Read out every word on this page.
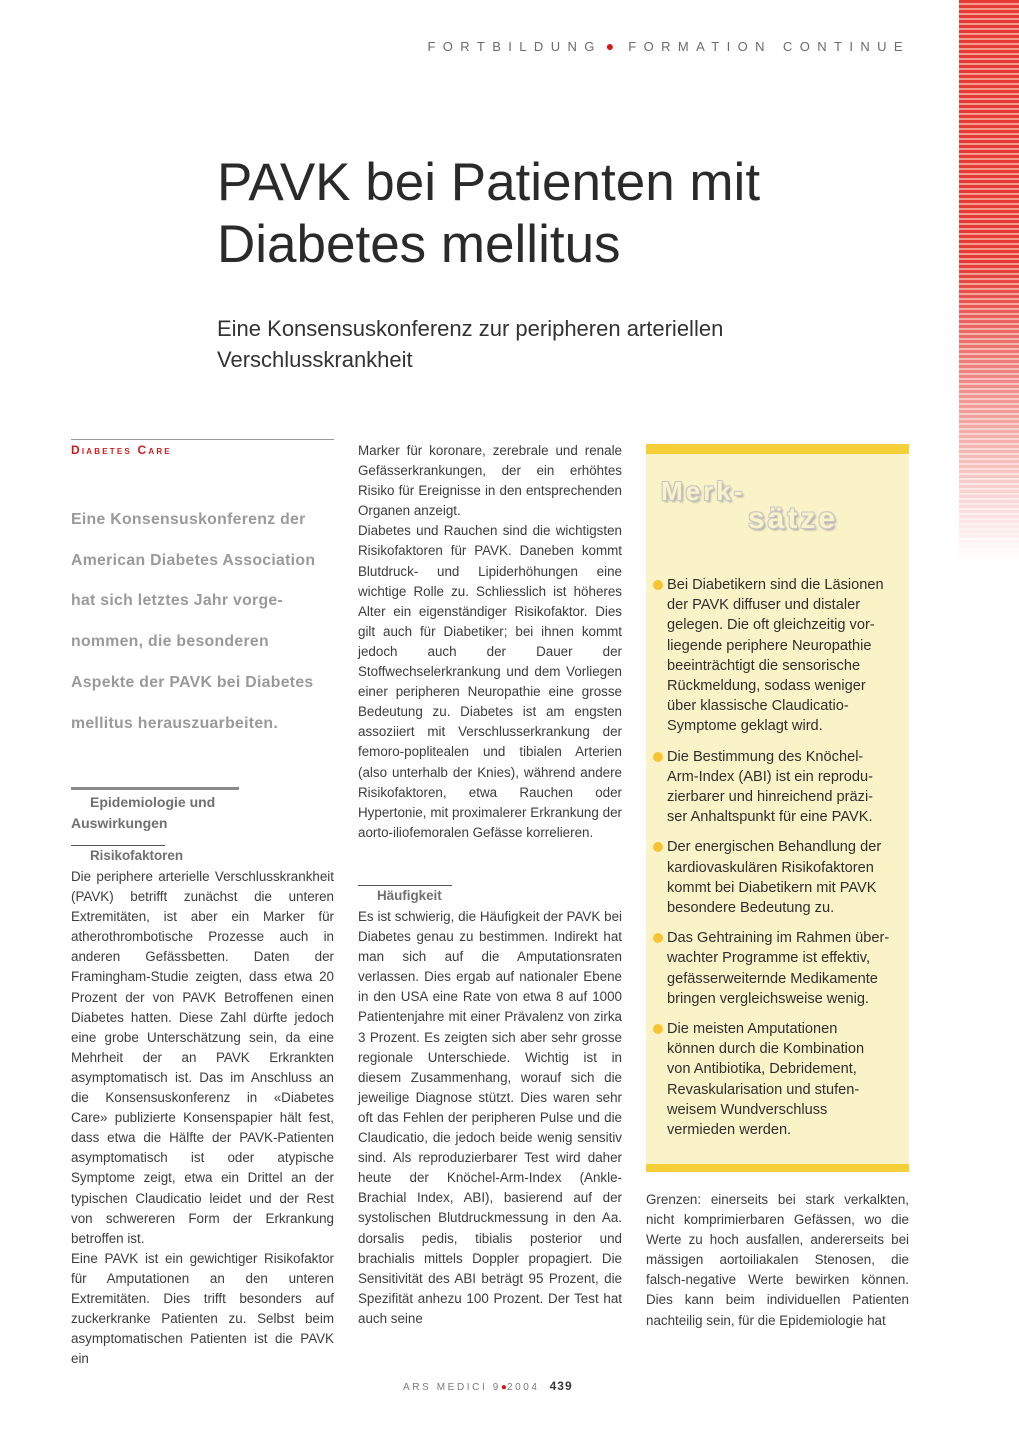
FORTBILDUNG ● FORMATION CONTINUE
PAVK bei Patienten mit
Diabetes mellitus
Eine Konsensuskonferenz zur peripheren arteriellen
Verschlusskrankheit
Diabetes Care
Eine Konsensuskonferenz der
American Diabetes Association
hat sich letztes Jahr vorge-
nommen, die besonderen
Aspekte der PAVK bei Diabetes
mellitus herauszuarbeiten.
Epidemiologie und
Auswirkungen
Risikofaktoren

Die periphere arterielle Verschlusskrankheit (PAVK) betrifft zunächst die unteren Extremitäten, ist aber ein Marker für atherothrombotische Prozesse auch in anderen Gefässbetten. Daten der Framingham-Studie zeigten, dass etwa 20 Prozent der von PAVK Betroffenen einen Diabetes hatten. Diese Zahl dürfte jedoch eine grobe Unterschätzung sein, da eine Mehrheit der an PAVK Erkrankten asymptomatisch ist. Das im Anschluss an die Konsensuskonferenz in «Diabetes Care» publizierte Konsenspapier hält fest, dass etwa die Hälfte der PAVK-Patienten asymptomatisch ist oder atypische Symptome zeigt, etwa ein Drittel an der typischen Claudicatio leidet und der Rest von schwereren Form der Erkrankung betroffen ist.

Eine PAVK ist ein gewichtiger Risikofaktor für Amputationen an den unteren Extremitäten. Dies trifft besonders auf zuckerkranke Patienten zu. Selbst beim asymptomatischen Patienten ist die PAVK ein

Marker für koronare, zerebrale und renale Gefässerkrankungen, der ein erhöhtes Risiko für Ereignisse in den entsprechenden Organen anzeigt.

Diabetes und Rauchen sind die wichtigsten Risikofaktoren für PAVK. Daneben kommt Blutdruck- und Lipiderhöhungen eine wichtige Rolle zu. Schliesslich ist höheres Alter ein eigenständiger Risikofaktor. Dies gilt auch für Diabetiker; bei ihnen kommt jedoch auch der Dauer der Stoffwechselerkrankung und dem Vorliegen einer peripheren Neuropathie eine grosse Bedeutung zu. Diabetes ist am engsten assoziiert mit Verschlusserkrankung der femoro-poplitealen und tibialen Arterien (also unterhalb der Knies), während andere Risikofaktoren, etwa Rauchen oder Hypertonie, mit proximalerer Erkrankung der aorto-iliofemoralen Gefässe korrelieren.

Häufigkeit

Es ist schwierig, die Häufigkeit der PAVK bei Diabetes genau zu bestimmen. Indirekt hat man sich auf die Amputationsraten verlassen. Dies ergab auf nationaler Ebene in den USA eine Rate von etwa 8 auf 1000 Patientenjahre mit einer Prävalenz von zirka 3 Prozent. Es zeigten sich aber sehr grosse regionale Unterschiede. Wichtig ist in diesem Zusammenhang, worauf sich die jeweilige Diagnose stützt. Dies waren sehr oft das Fehlen der peripheren Pulse und die Claudicatio, die jedoch beide wenig sensitiv sind. Als reproduzierbarer Test wird daher heute der Knöchel-Arm-Index (Ankle-Brachial Index, ABI), basierend auf der systolischen Blutdruckmessung in den Aa. dorsalis pedis, tibialis posterior und brachialis mittels Doppler propagiert. Die Sensitivität des ABI beträgt 95 Prozent, die Spezifität anhezu 100 Prozent. Der Test hat auch seine

Merk-
sätze
Bei Diabetikern sind die Läsionen
der PAVK diffuser und distaler
gelegen. Die oft gleichzeitig vor-
liegende periphere Neuropathie
beeinträchtigt die sensorische
Rückmeldung, sodass weniger
über klassische Claudicatio-
Symptome geklagt wird.
Die Bestimmung des Knöchel-
Arm-Index (ABI) ist ein reprodu-
zierbarer und hinreichend präzi-
ser Anhaltspunkt für eine PAVK.
Der energischen Behandlung der
kardiovaskulären Risikofaktoren
kommt bei Diabetikern mit PAVK
besondere Bedeutung zu.
Das Gehtraining im Rahmen über-
wachter Programme ist effektiv,
gefässerweiternde Medikamente
bringen vergleichsweise wenig.
Die meisten Amputationen
können durch die Kombination
von Antibiotika, Debridement,
Revaskularisation und stufen-
weisem Wundverschluss
vermieden werden.

Grenzen: einerseits bei stark verkalkten, nicht komprimierbaren Gefässen, wo die Werte zu hoch ausfallen, andererseits bei mässigen aortoiliakalen Stenosen, die falsch-negative Werte bewirken können. Dies kann beim individuellen Patienten nachteilig sein, für die Epidemiologie hat

ARS MEDICI 9●2004 439
